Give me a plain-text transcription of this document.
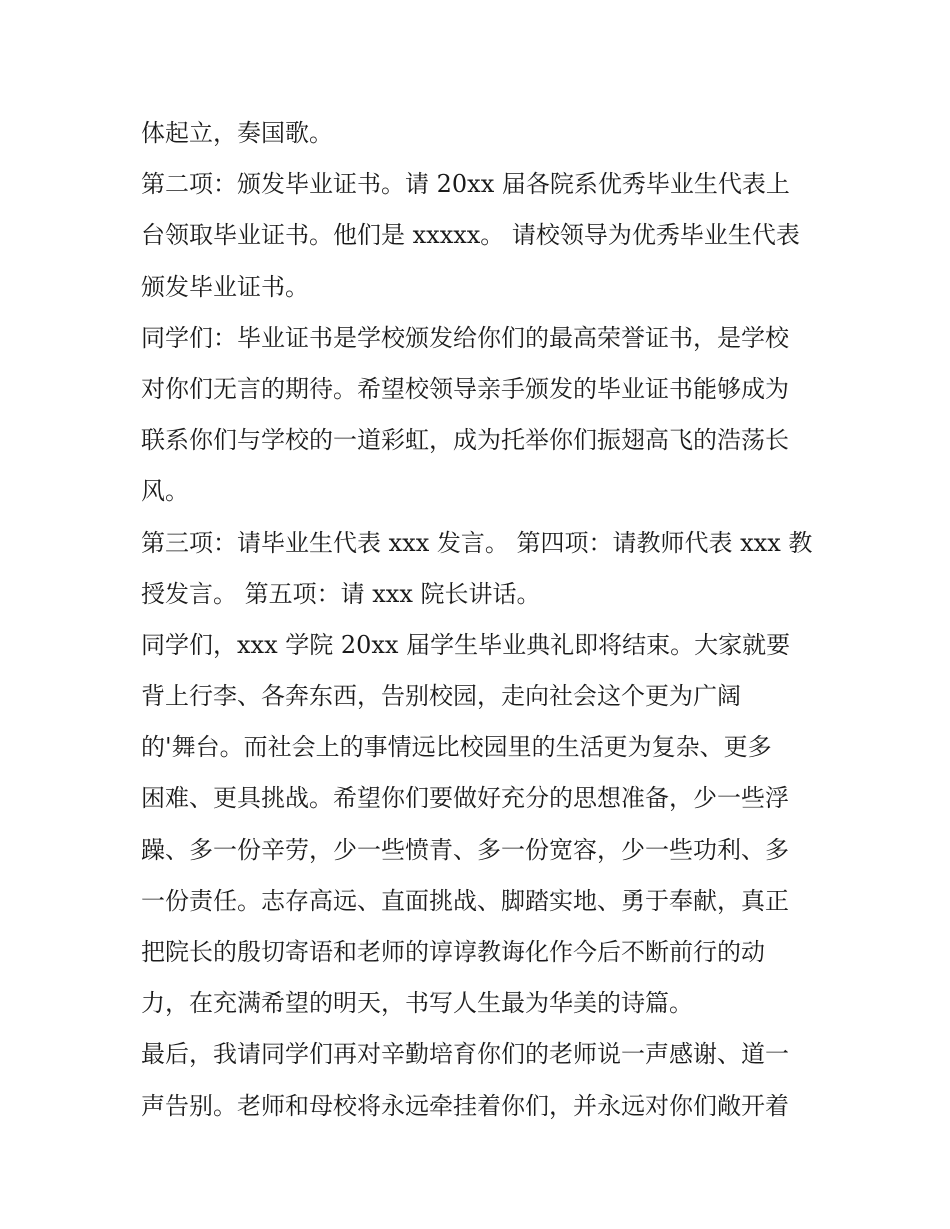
体起立，奏国歌。
第二项：颁发毕业证书。请 20xx 届各院系优秀毕业生代表上
台领取毕业证书。他们是 xxxxx。 请校领导为优秀毕业生代表
颁发毕业证书。
同学们：毕业证书是学校颁发给你们的最高荣誉证书，是学校
对你们无言的期待。希望校领导亲手颁发的毕业证书能够成为
联系你们与学校的一道彩虹，成为托举你们振翅高飞的浩荡长
风。
第三项：请毕业生代表 xxx 发言。 第四项：请教师代表 xxx 教
授发言。 第五项：请 xxx 院长讲话。
同学们，xxx 学院 20xx 届学生毕业典礼即将结束。大家就要
背上行李、各奔东西，告别校园，走向社会这个更为广阔
的'舞台。而社会上的事情远比校园里的生活更为复杂、更多
困难、更具挑战。希望你们要做好充分的思想准备，少一些浮
躁、多一份辛劳，少一些愤青、多一份宽容，少一些功利、多
一份责任。志存高远、直面挑战、脚踏实地、勇于奉献，真正
把院长的殷切寄语和老师的谆谆教诲化作今后不断前行的动
力，在充满希望的明天，书写人生最为华美的诗篇。
最后，我请同学们再对辛勤培育你们的老师说一声感谢、道一
声告别。老师和母校将永远牵挂着你们，并永远对你们敞开着
